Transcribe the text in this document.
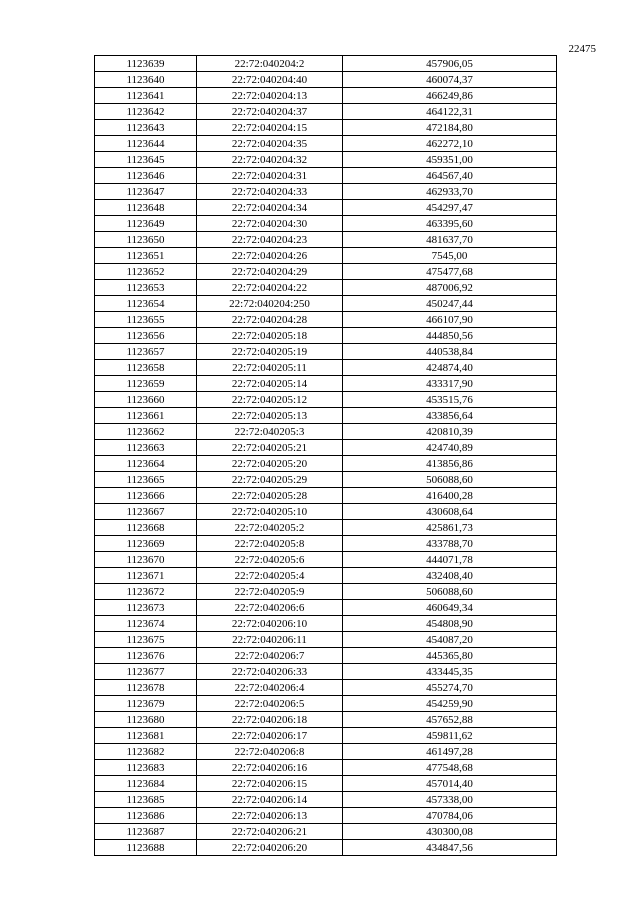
22475
1123639	22:72:040204:2	457906,05
1123640	22:72:040204:40	460074,37
1123641	22:72:040204:13	466249,86
1123642	22:72:040204:37	464122,31
1123643	22:72:040204:15	472184,80
1123644	22:72:040204:35	462272,10
1123645	22:72:040204:32	459351,00
1123646	22:72:040204:31	464567,40
1123647	22:72:040204:33	462933,70
1123648	22:72:040204:34	454297,47
1123649	22:72:040204:30	463395,60
1123650	22:72:040204:23	481637,70
1123651	22:72:040204:26	7545,00
1123652	22:72:040204:29	475477,68
1123653	22:72:040204:22	487006,92
1123654	22:72:040204:250	450247,44
1123655	22:72:040204:28	466107,90
1123656	22:72:040205:18	444850,56
1123657	22:72:040205:19	440538,84
1123658	22:72:040205:11	424874,40
1123659	22:72:040205:14	433317,90
1123660	22:72:040205:12	453515,76
1123661	22:72:040205:13	433856,64
1123662	22:72:040205:3	420810,39
1123663	22:72:040205:21	424740,89
1123664	22:72:040205:20	413856,86
1123665	22:72:040205:29	506088,60
1123666	22:72:040205:28	416400,28
1123667	22:72:040205:10	430608,64
1123668	22:72:040205:2	425861,73
1123669	22:72:040205:8	433788,70
1123670	22:72:040205:6	444071,78
1123671	22:72:040205:4	432408,40
1123672	22:72:040205:9	506088,60
1123673	22:72:040206:6	460649,34
1123674	22:72:040206:10	454808,90
1123675	22:72:040206:11	454087,20
1123676	22:72:040206:7	445365,80
1123677	22:72:040206:33	433445,35
1123678	22:72:040206:4	455274,70
1123679	22:72:040206:5	454259,90
1123680	22:72:040206:18	457652,88
1123681	22:72:040206:17	459811,62
1123682	22:72:040206:8	461497,28
1123683	22:72:040206:16	477548,68
1123684	22:72:040206:15	457014,40
1123685	22:72:040206:14	457338,00
1123686	22:72:040206:13	470784,06
1123687	22:72:040206:21	430300,08
1123688	22:72:040206:20	434847,56
